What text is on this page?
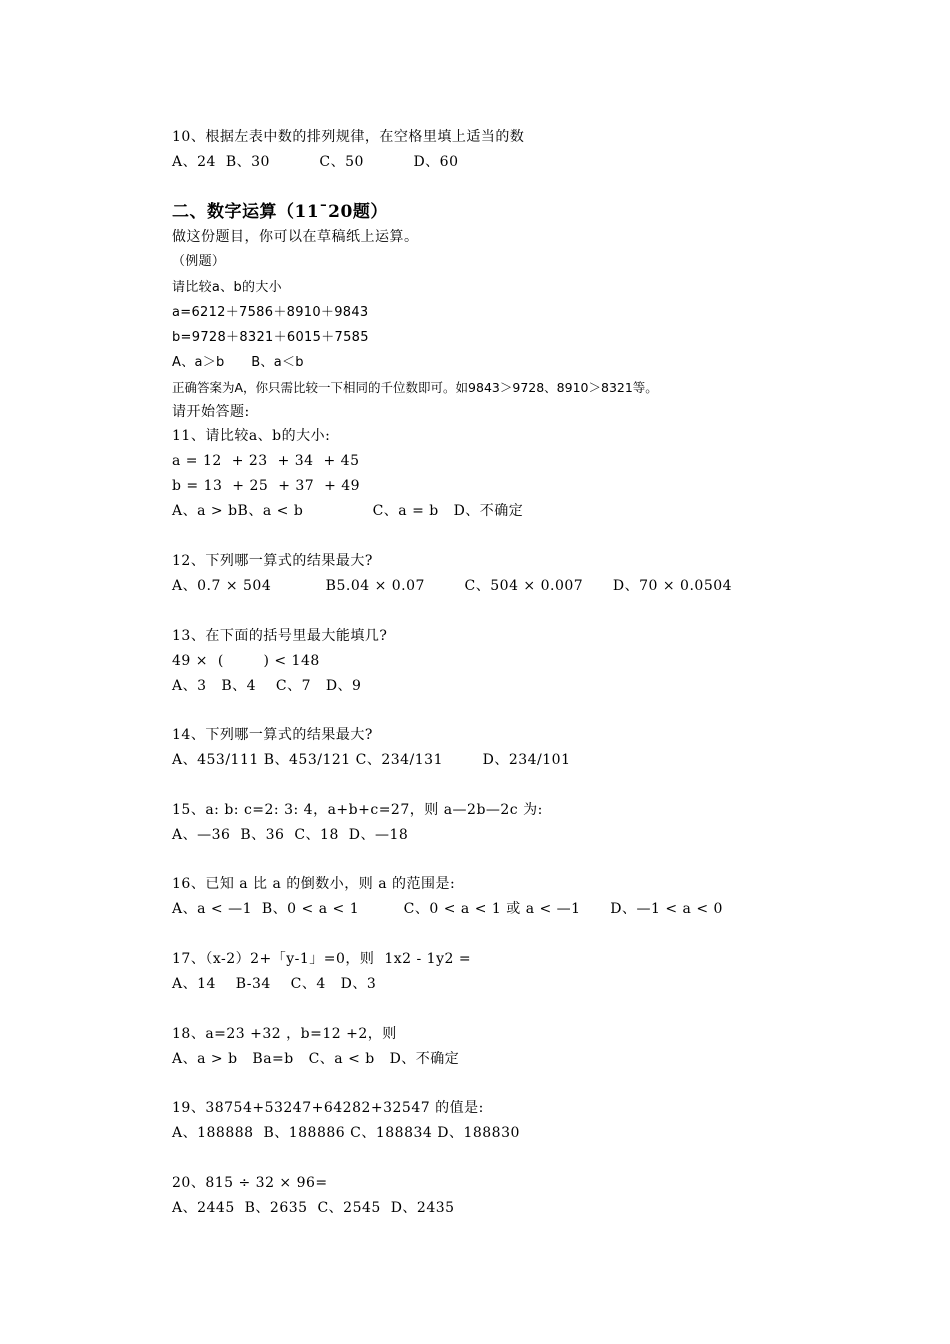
10、根据左表中数的排列规律，在空格里填上适当的数
A、24  B、30          C、50          D、60
二、数字运算（11¯20题）
做这份题目，你可以在草稿纸上运算。
（例题）
请比较a、b的大小
a=6212＋7586＋8910＋9843
b=9728＋8321＋6015＋7585
A、a＞b      B、a＜b
正确答案为A，你只需比较一下相同的千位数即可。如9843＞9728、8910＞8321等。
请开始答题:
11、请比较a、b的大小:
a = 12  + 23  + 34  + 45
b = 13  + 25  + 37  + 49
A、a > bB、a < b              C、a = b   D、不确定
12、下列哪一算式的结果最大?
A、0.7 × 504           B5.04 × 0.07        C、504 × 0.007      D、70 × 0.0504
13、在下面的括号里最大能填几?
49 ×  (        ) < 148
A、3   B、4    C、7   D、9
14、下列哪一算式的结果最大?
A、453/111 B、453/121 C、234/131        D、234/101
15、a: b: c=2: 3: 4，a+b+c=27，则 a—2b—2c 为:
A、—36  B、36  C、18  D、—18
16、已知 a 比 a 的倒数小，则 a 的范围是:
A、a < —1  B、0 < a < 1         C、0 < a < 1 或 a < —1      D、—1 < a < 0
17、（x-2）2+「y-1」=0，则  1x2 - 1y2 =
A、14    B-34    C、4   D、3
18、a=23 +32 ，b=12 +2，则
A、a > b   Ba=b   C、a < b   D、不确定
19、38754+53247+64282+32547 的值是:
A、188888  B、188886 C、188834 D、188830
20、815 ÷ 32 × 96=
A、2445  B、2635  C、2545  D、2435
